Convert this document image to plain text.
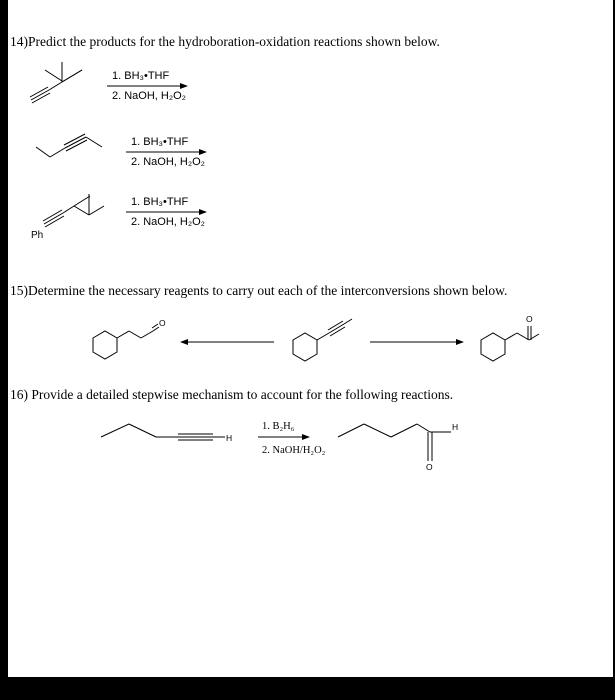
14)Predict the products for the hydroboration-oxidation reactions shown below.
1. BH₃•THF
2. NaOH, H₂O₂
1. BH₃•THF
2. NaOH, H₂O₂
1. BH₃•THF
2. NaOH, H₂O₂
Ph
15)Determine the necessary reagents to carry out each of the interconversions shown below.
O	O
16) Provide a detailed stepwise mechanism to account for the following reactions.
1. B₂H₆
2. NaOH/H₂O₂
H
H
O
